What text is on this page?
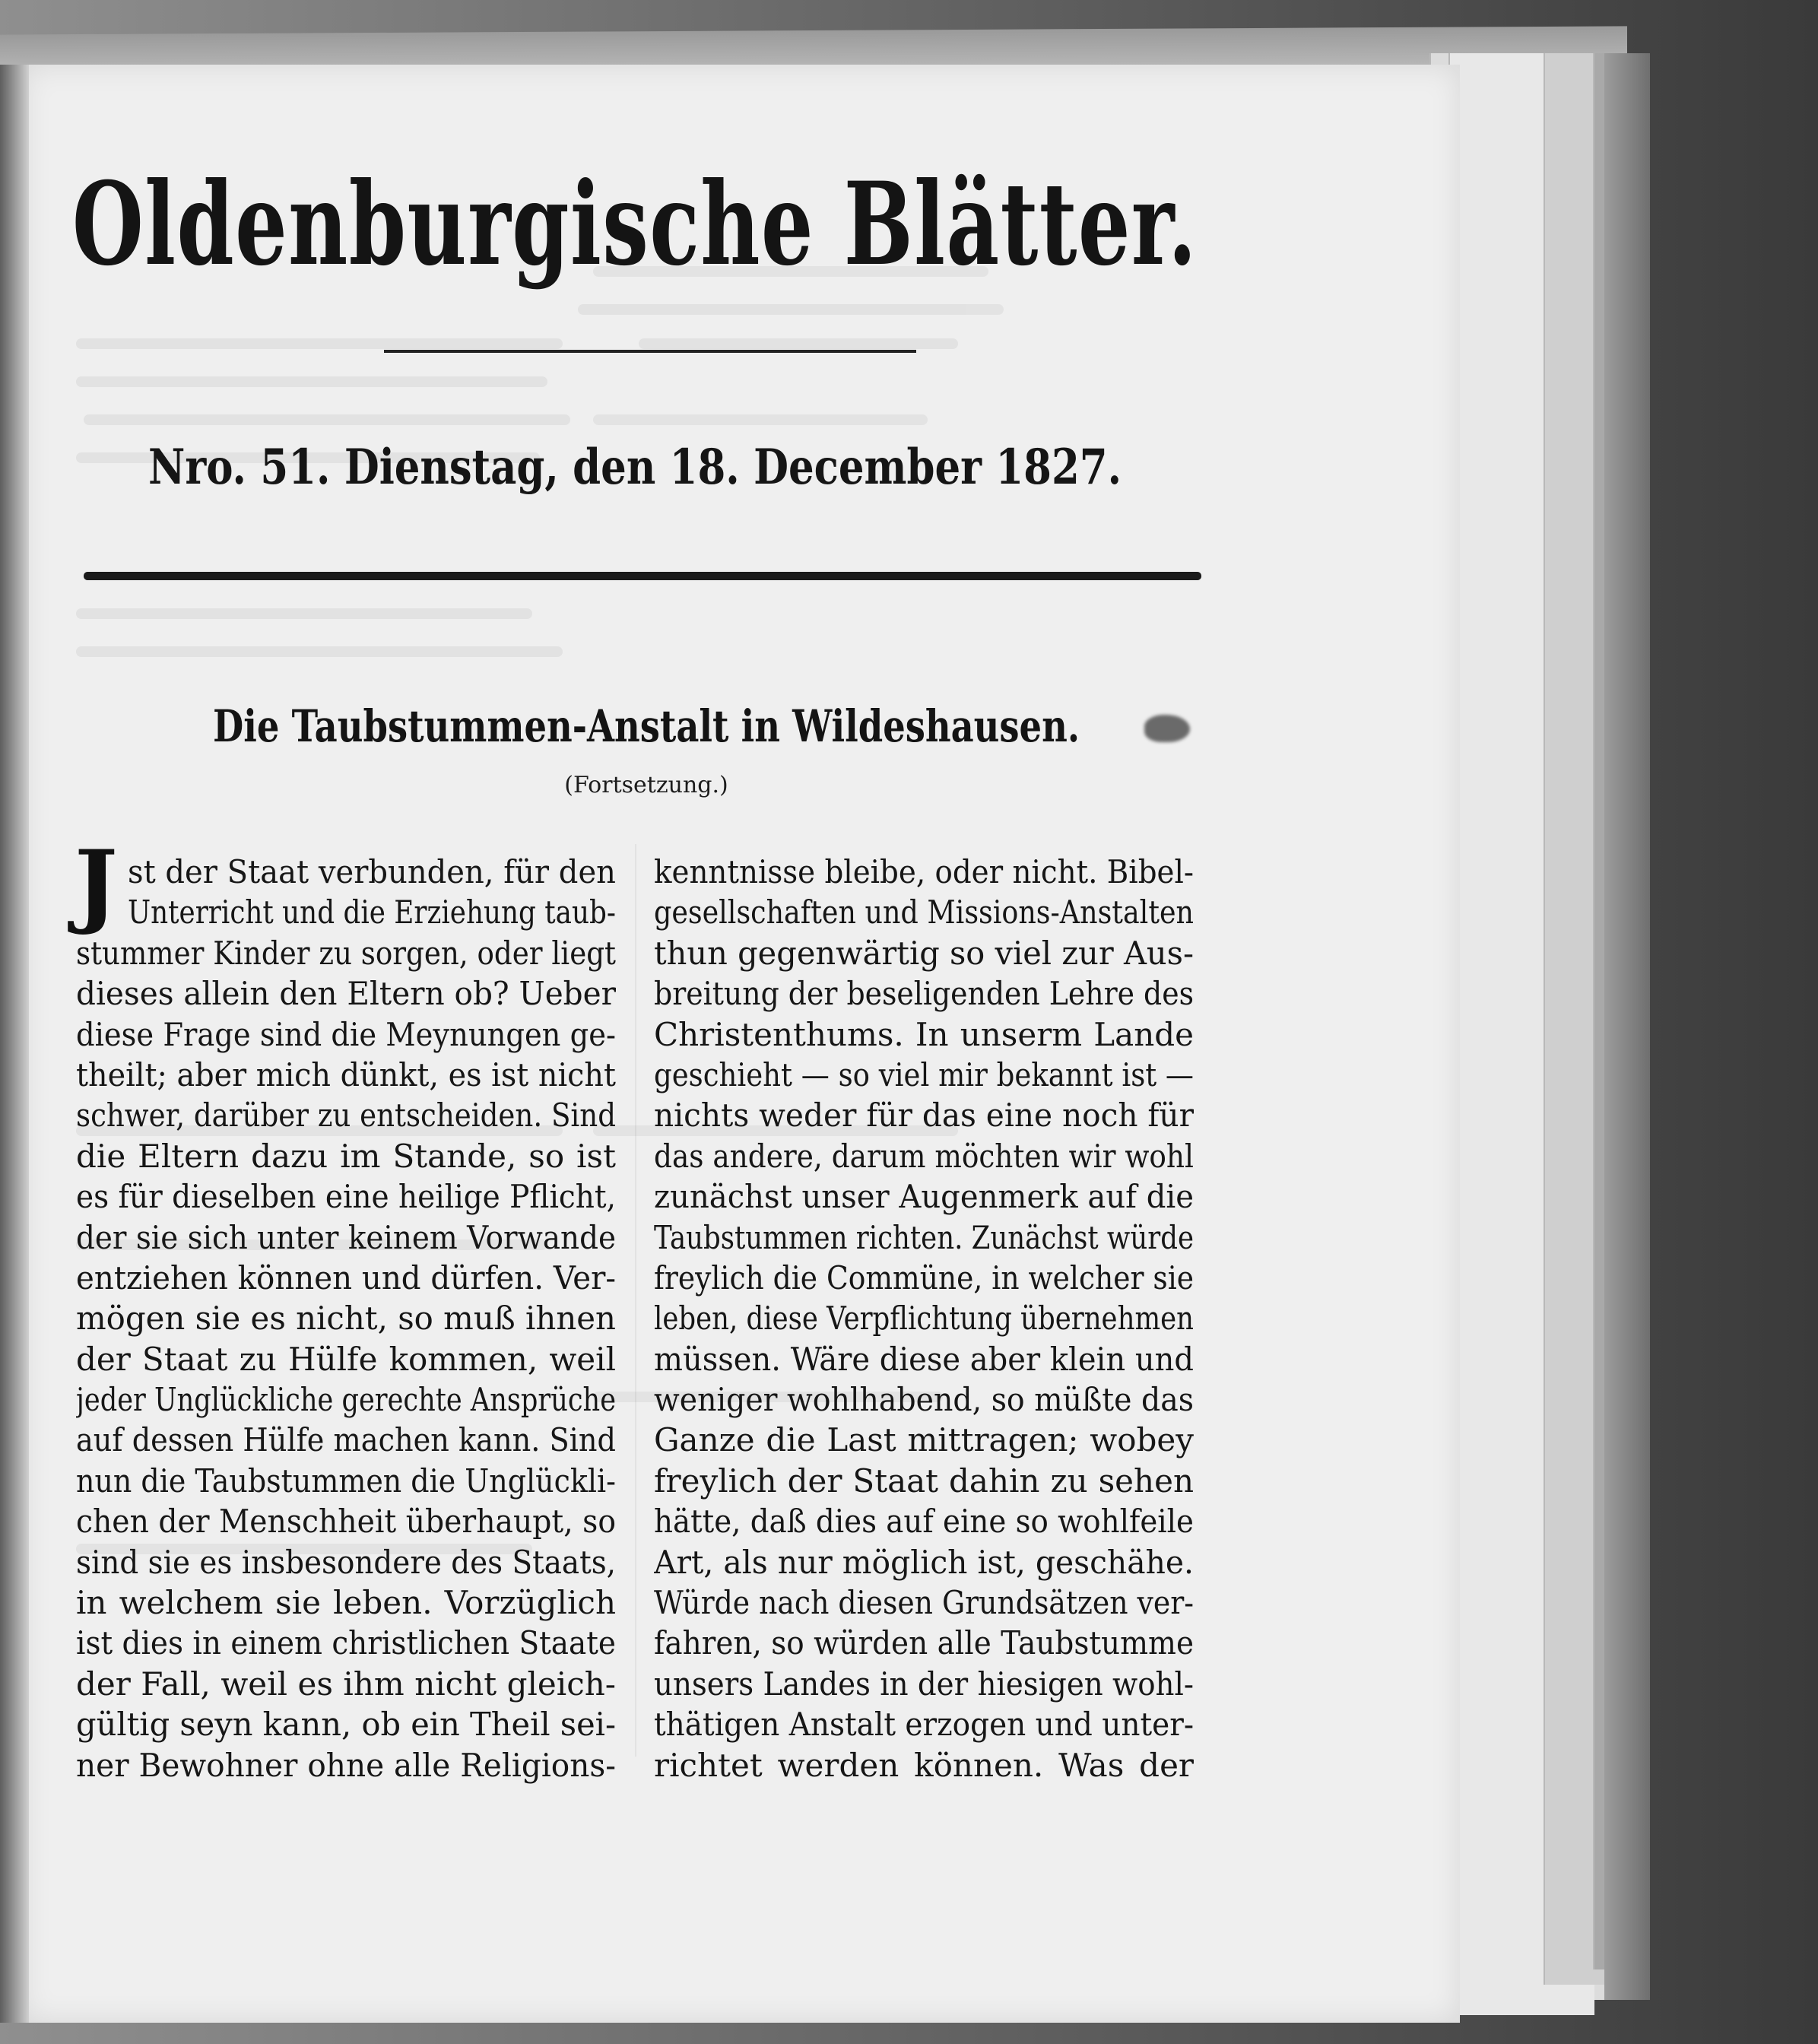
Oldenburgische Blätter.
Nro. 51. Dienstag, den 18. December 1827.
Die Taubstummen-Anstalt in Wildeshausen.
(Fortsetzung.)
J st der Staat verbunden, für den
Unterricht und die Erziehung taub-
stummer Kinder zu sorgen, oder liegt
dieses allein den Eltern ob? Ueber
diese Frage sind die Meynungen ge-
theilt; aber mich dünkt, es ist nicht
schwer, darüber zu entscheiden. Sind
die Eltern dazu im Stande, so ist
es für dieselben eine heilige Pflicht,
der sie sich unter keinem Vorwande
entziehen können und dürfen. Ver-
mögen sie es nicht, so muß ihnen
der Staat zu Hülfe kommen, weil
jeder Unglückliche gerechte Ansprüche
auf dessen Hülfe machen kann. Sind
nun die Taubstummen die Unglückli-
chen der Menschheit überhaupt, so
sind sie es insbesondere des Staats,
in welchem sie leben. Vorzüglich
ist dies in einem christlichen Staate
der Fall, weil es ihm nicht gleich-
gültig seyn kann, ob ein Theil sei-
ner Bewohner ohne alle Religions-
kenntnisse bleibe, oder nicht. Bibel-
gesellschaften und Missions-Anstalten
thun gegenwärtig so viel zur Aus-
breitung der beseligenden Lehre des
Christenthums. In unserm Lande
geschieht — so viel mir bekannt ist —
nichts weder für das eine noch für
das andere, darum möchten wir wohl
zunächst unser Augenmerk auf die
Taubstummen richten. Zunächst würde
freylich die Commüne, in welcher sie
leben, diese Verpflichtung übernehmen
müssen. Wäre diese aber klein und
weniger wohlhabend, so müßte das
Ganze die Last mittragen; wobey
freylich der Staat dahin zu sehen
hätte, daß dies auf eine so wohlfeile
Art, als nur möglich ist, geschähe.
Würde nach diesen Grundsätzen ver-
fahren, so würden alle Taubstumme
unsers Landes in der hiesigen wohl-
thätigen Anstalt erzogen und unter-
richtet werden können. Was der
